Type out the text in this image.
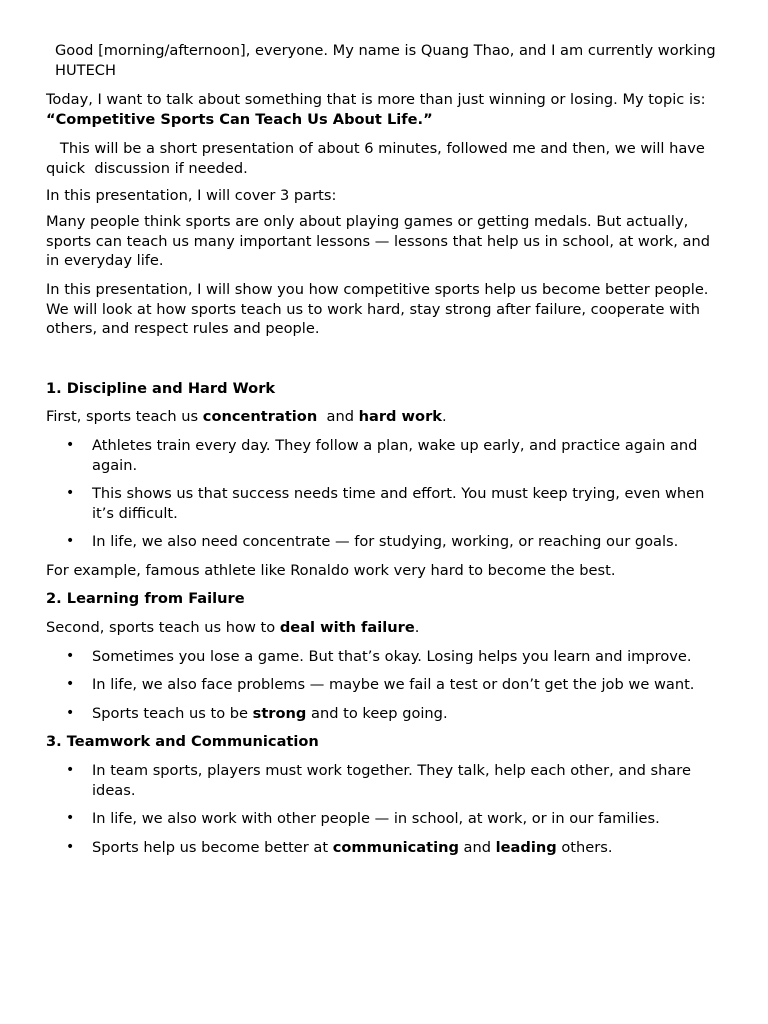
Good [morning/afternoon], everyone. My name is Quang Thao, and I am currently working HUTECH

Today, I want to talk about something that is more than just winning or losing. My topic is: “Competitive Sports Can Teach Us About Life.”

This will be a short presentation of about 6 minutes, followed me and then, we will have quick  discussion if needed.

In this presentation, I will cover 3 parts:

Many people think sports are only about playing games or getting medals. But actually, sports can teach us many important lessons — lessons that help us in school, at work, and in everyday life.

In this presentation, I will show you how competitive sports help us become better people. We will look at how sports teach us to work hard, stay strong after failure, cooperate with others, and respect rules and people.

1. Discipline and Hard Work

First, sports teach us concentration  and hard work.

• Athletes train every day. They follow a plan, wake up early, and practice again and again.
• This shows us that success needs time and effort. You must keep trying, even when it’s difficult.
• In life, we also need concentrate — for studying, working, or reaching our goals.

For example, famous athlete like Ronaldo work very hard to become the best.

2. Learning from Failure

Second, sports teach us how to deal with failure.

• Sometimes you lose a game. But that’s okay. Losing helps you learn and improve.
• In life, we also face problems — maybe we fail a test or don’t get the job we want.
• Sports teach us to be strong and to keep going.

3. Teamwork and Communication

• In team sports, players must work together. They talk, help each other, and share ideas.
• In life, we also work with other people — in school, at work, or in our families.
• Sports help us become better at communicating and leading others.
